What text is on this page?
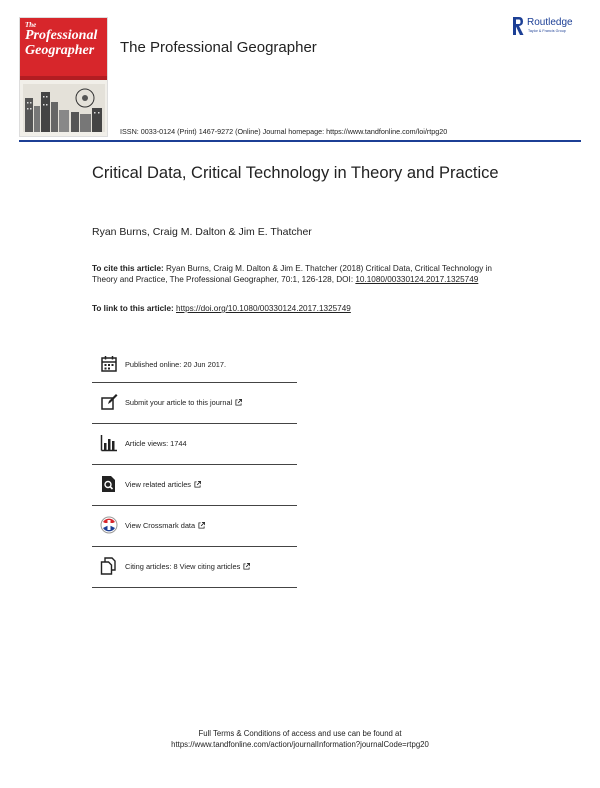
The
Professional
Geographer	The Professional Geographer
Routledge
Taylor & Francis Group
ISSN: 0033-0124 (Print) 1467-9272 (Online) Journal homepage: https://www.tandfonline.com/loi/rtpg20
Critical Data, Critical Technology in Theory and Practice
Ryan Burns, Craig M. Dalton & Jim E. Thatcher
To cite this article: Ryan Burns, Craig M. Dalton & Jim E. Thatcher (2018) Critical Data, Critical Technology in Theory and Practice, The Professional Geographer, 70:1, 126-128, DOI: 10.1080/00330124.2017.1325749
To link to this article: https://doi.org/10.1080/00330124.2017.1325749
Published online: 20 Jun 2017.
Submit your article to this journal
Article views: 1744
View related articles
View Crossmark data
Citing articles: 8 View citing articles
Full Terms & Conditions of access and use can be found at
https://www.tandfonline.com/action/journalInformation?journalCode=rtpg20
